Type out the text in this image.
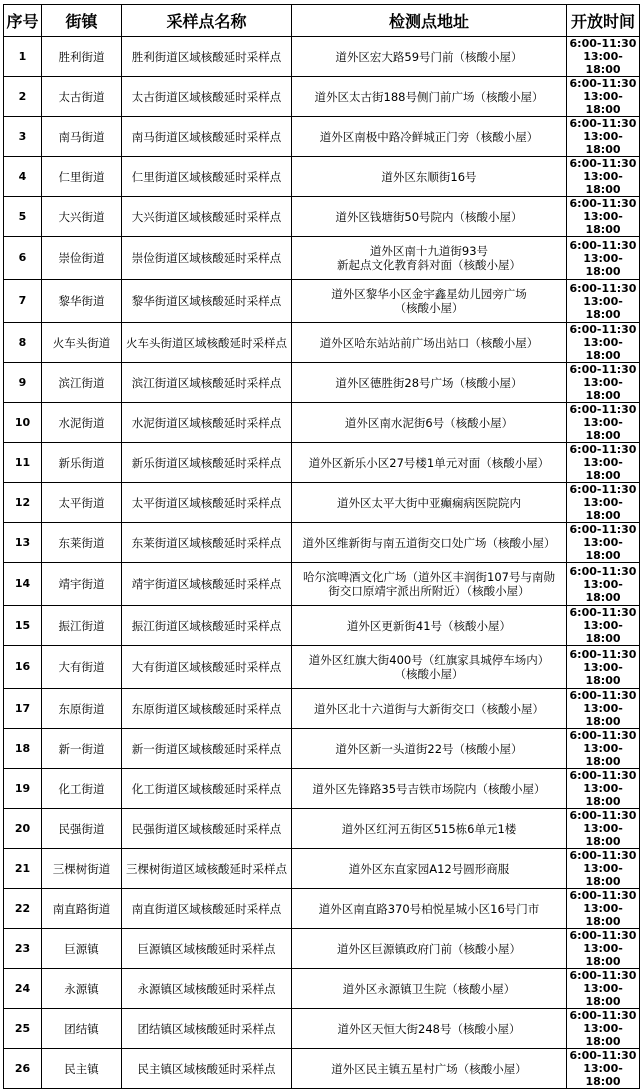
序号	街镇	采样点名称	检测点地址	开放时间
1	胜利街道	胜利街道区域核酸延时采样点	道外区宏大路59号门前（核酸小屋）	6:00-11:30
13:00-18:00

2	太古街道	太古街道区域核酸延时采样点	道外区太古街188号侧门前广场（核酸小屋）	6:00-11:30
13:00-18:00

3	南马街道	南马街道区域核酸延时采样点	道外区南极中路冷鲜城正门旁（核酸小屋）	6:00-11:30
13:00-18:00

4	仁里街道	仁里街道区域核酸延时采样点	道外区东顺街16号	6:00-11:30
13:00-18:00

5	大兴街道	大兴街道区域核酸延时采样点	道外区钱塘街50号院内（核酸小屋）	6:00-11:30
13:00-18:00

6	崇俭街道	崇俭街道区域核酸延时采样点	道外区南十九道街93号
新起点文化教育斜对面（核酸小屋）	6:00-11:30
13:00-18:00

7	黎华街道	黎华街道区域核酸延时采样点	道外区黎华小区金宇鑫星幼儿园旁广场
（核酸小屋）	6:00-11:30
13:00-18:00

8	火车头街道	火车头街道区域核酸延时采样点	道外区哈东站站前广场出站口（核酸小屋）	6:00-11:30
13:00-18:00

9	滨江街道	滨江街道区域核酸延时采样点	道外区德胜街28号广场（核酸小屋）	6:00-11:30
13:00-18:00

10	水泥街道	水泥街道区域核酸延时采样点	道外区南水泥街6号（核酸小屋）	6:00-11:30
13:00-18:00

11	新乐街道	新乐街道区域核酸延时采样点	道外区新乐小区27号楼1单元对面（核酸小屋）	6:00-11:30
13:00-18:00

12	太平街道	太平街道区域核酸延时采样点	道外区太平大街中亚癫痫病医院院内	6:00-11:30
13:00-18:00

13	东莱街道	东莱街道区域核酸延时采样点	道外区维新街与南五道街交口处广场（核酸小屋）	6:00-11:30
13:00-18:00

14	靖宇街道	靖宇街道区域核酸延时采样点	哈尔滨啤酒文化广场（道外区丰润街107号与南勋
街交口原靖宇派出所附近）（核酸小屋）	6:00-11:30
13:00-18:00

15	振江街道	振江街道区域核酸延时采样点	道外区更新街41号（核酸小屋）	6:00-11:30
13:00-18:00

16	大有街道	大有街道区域核酸延时采样点	道外区红旗大街400号（红旗家具城停车场内）
（核酸小屋）	6:00-11:30
13:00-18:00

17	东原街道	东原街道区域核酸延时采样点	道外区北十六道街与大新街交口（核酸小屋）	6:00-11:30
13:00-18:00

18	新一街道	新一街道区域核酸延时采样点	道外区新一头道街22号（核酸小屋）	6:00-11:30
13:00-18:00

19	化工街道	化工街道区域核酸延时采样点	道外区先锋路35号吉铁市场院内（核酸小屋）	6:00-11:30
13:00-18:00

20	民强街道	民强街道区域核酸延时采样点	道外区红河五街区515栋6单元1楼	6:00-11:30
13:00-18:00

21	三棵树街道	三棵树街道区域核酸延时采样点	道外区东直家园A12号圆形商服	6:00-11:30
13:00-18:00

22	南直路街道	南直街道区域核酸延时采样点	道外区南直路370号柏悦星城小区16号门市	6:00-11:30
13:00-18:00

23	巨源镇	巨源镇区域核酸延时采样点	道外区巨源镇政府门前（核酸小屋）	6:00-11:30
13:00-18:00

24	永源镇	永源镇区域核酸延时采样点	道外区永源镇卫生院（核酸小屋）	6:00-11:30
13:00-18:00

25	团结镇	团结镇区域核酸延时采样点	道外区天恒大街248号（核酸小屋）	6:00-11:30
13:00-18:00

26	民主镇	民主镇区域核酸延时采样点	道外区民主镇五星村广场（核酸小屋）	6:00-11:30
13:00-18:00
